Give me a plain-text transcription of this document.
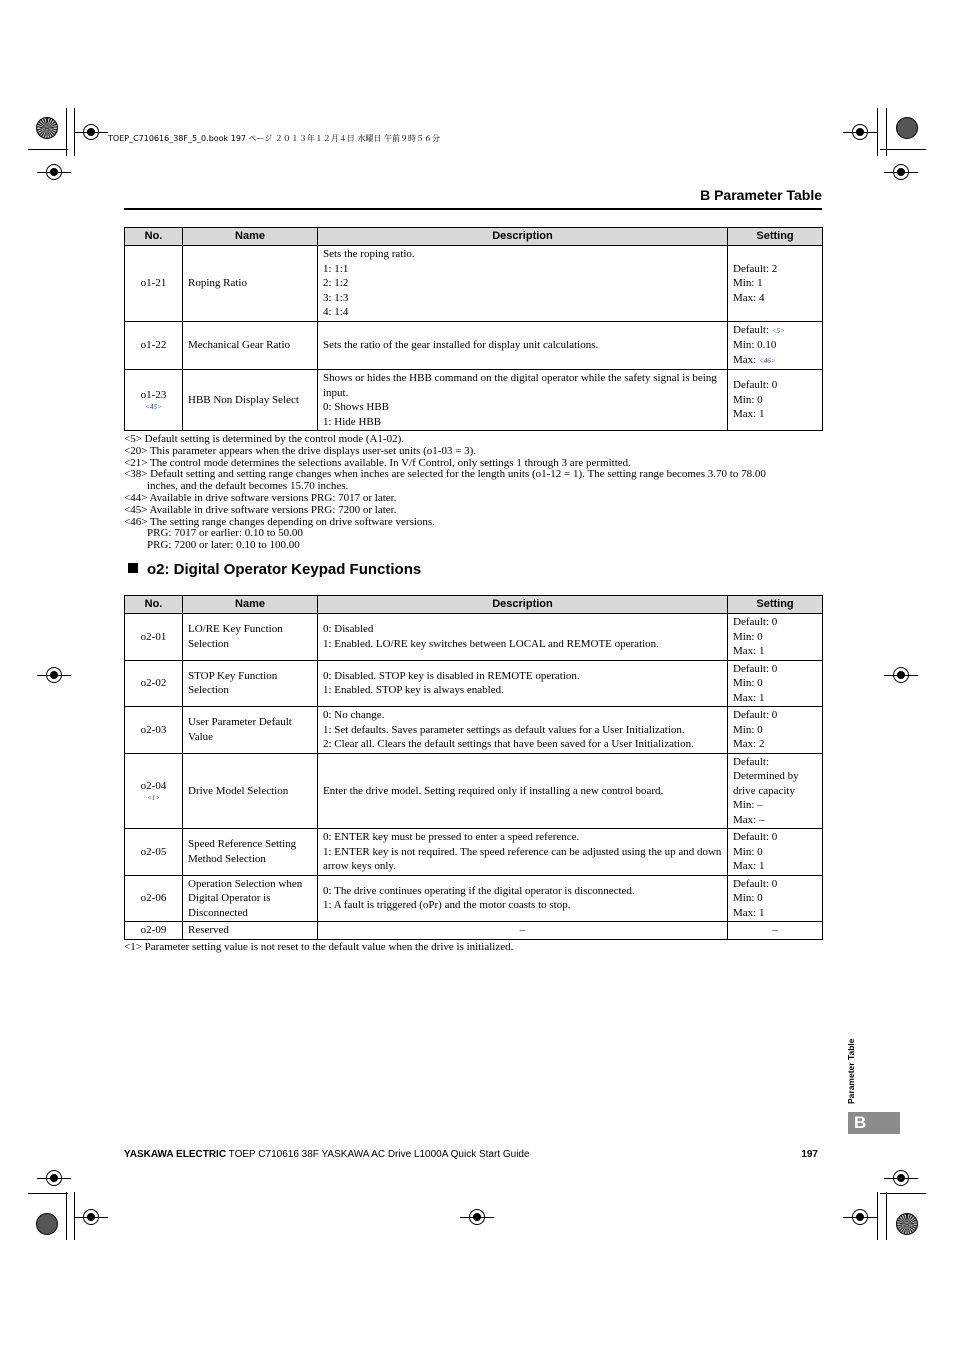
TOEP_C710616_38F_5_0.book 197 ページ ２０１３年１２月４日 水曜日 午前９時５６分
B Parameter Table
No.	Name	Description	Setting
o1-21	Roping Ratio	Sets the roping ratio.
1: 1:1
2: 1:2
3: 1:3
4: 1:4	Default: 2
Min: 1
Max: 4

o1-22	Mechanical Gear Ratio	Sets the ratio of the gear installed for display unit calculations.	Default: <5>
Min: 0.10
Max: <46>

o1-23
<45>	HBB Non Display Select	Shows or hides the HBB command on the digital operator while the safety signal is being input.
0: Shows HBB
1: Hide HBB	Default: 0
Min: 0
Max: 1
<5> Default setting is determined by the control mode (A1-02).
<20> This parameter appears when the drive displays user-set units (o1-03 = 3).
<21> The control mode determines the selections available. In V/f Control, only settings 1 through 3 are permitted.
<38> Default setting and setting range changes when inches are selected for the length units (o1-12 = 1). The setting range becomes 3.70 to 78.00
inches, and the default becomes 15.70 inches.
<44> Available in drive software versions PRG: 7017 or later.
<45> Available in drive software versions PRG: 7200 or later.
<46> The setting range changes depending on drive software versions.
PRG: 7017 or earlier: 0.10 to 50.00
PRG: 7200 or later: 0.10 to 100.00
o2: Digital Operator Keypad Functions
No.	Name	Description	Setting
o2-01	LO/RE Key Function Selection	0: Disabled
1: Enabled. LO/RE key switches between LOCAL and REMOTE operation.	Default: 0
Min: 0
Max: 1

o2-02	STOP Key Function Selection	0: Disabled. STOP key is disabled in REMOTE operation.
1: Enabled. STOP key is always enabled.	Default: 0
Min: 0
Max: 1

o2-03	User Parameter Default Value	0: No change.
1: Set defaults. Saves parameter settings as default values for a User Initialization.
2: Clear all. Clears the default settings that have been saved for a User Initialization.	Default: 0
Min: 0
Max: 2

o2-04
<1>	Drive Model Selection	Enter the drive model. Setting required only if installing a new control board.	Default:
Determined by drive capacity
Min: –
Max: –

o2-05	Speed Reference Setting Method Selection	0: ENTER key must be pressed to enter a speed reference.
1: ENTER key is not required. The speed reference can be adjusted using the up and down arrow keys only.	Default: 0
Min: 0
Max: 1

o2-06	Operation Selection when Digital Operator is Disconnected	0: The drive continues operating if the digital operator is disconnected.
1: A fault is triggered (oPr) and the motor coasts to stop.	Default: 0
Min: 0
Max: 1

o2-09	Reserved	–	–
<1> Parameter setting value is not reset to the default value when the drive is initialized.
Parameter Table
B
YASKAWA ELECTRIC TOEP C710616 38F YASKAWA AC Drive L1000A Quick Start Guide	197
